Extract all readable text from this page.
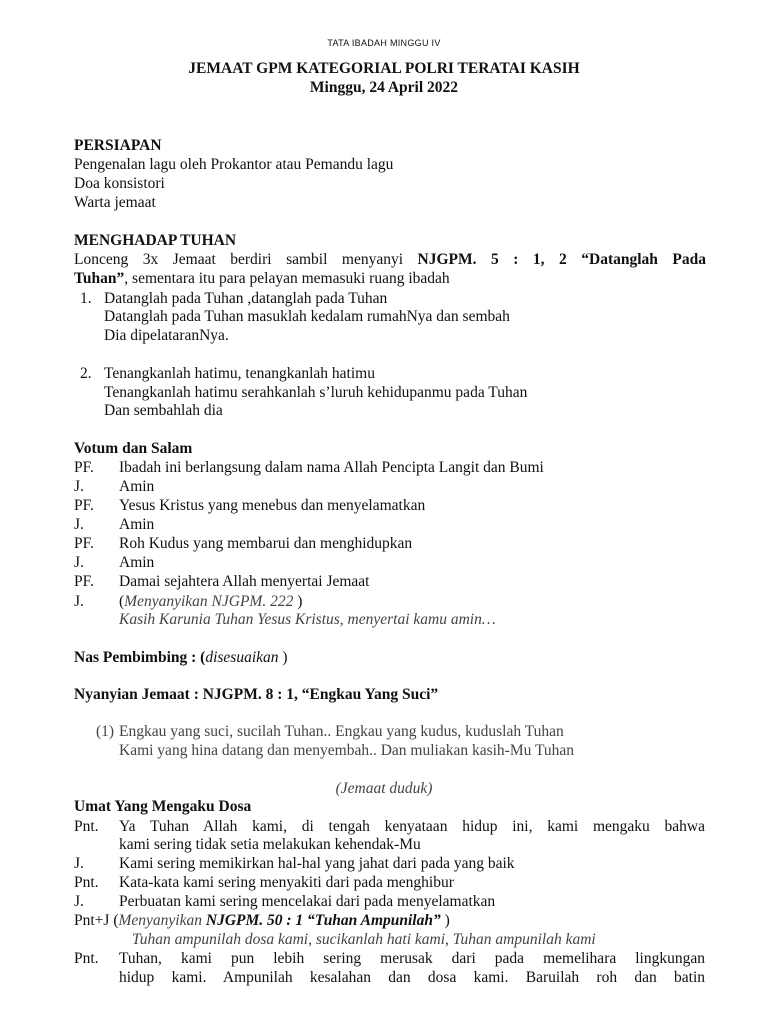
TATA IBADAH MINGGU IV
JEMAAT GPM KATEGORIAL POLRI TERATAI KASIH
Minggu, 24 April 2022
PERSIAPAN
Pengenalan lagu oleh Prokantor atau Pemandu lagu
Doa konsistori
Warta jemaat
MENGHADAP TUHAN
Lonceng 3x Jemaat berdiri sambil menyanyi NJGPM. 5 : 1, 2 “Datanglah Pada
Tuhan”, sementara itu para pelayan memasuki ruang ibadah
1. Datanglah pada Tuhan ,datanglah pada Tuhan
Datanglah pada Tuhan masuklah kedalam rumahNya dan sembah
Dia dipelataranNya.
2. Tenangkanlah hatimu, tenangkanlah hatimu
Tenangkanlah hatimu serahkanlah s’luruh kehidupanmu pada Tuhan
Dan sembahlah dia
Votum dan Salam
PF. Ibadah ini berlangsung dalam nama Allah Pencipta Langit dan Bumi
J. Amin
PF. Yesus Kristus yang menebus dan menyelamatkan
J. Amin
PF. Roh Kudus yang membarui dan menghidupkan
J. Amin
PF. Damai sejahtera Allah menyertai Jemaat
J. (Menyanyikan NJGPM. 222 )
Kasih Karunia Tuhan Yesus Kristus, menyertai kamu amin…
Nas Pembimbing : (disesuaikan )
Nyanyian Jemaat : NJGPM. 8 : 1, “Engkau Yang Suci”
(1) Engkau yang suci, sucilah Tuhan.. Engkau yang kudus, kuduslah Tuhan
Kami yang hina datang dan menyembah.. Dan muliakan kasih-Mu Tuhan
(Jemaat duduk)
Umat Yang Mengaku Dosa
Pnt. Ya Tuhan Allah kami, di tengah kenyataan hidup ini, kami mengaku bahwa
kami sering tidak setia melakukan kehendak-Mu
J. Kami sering memikirkan hal-hal yang jahat dari pada yang baik
Pnt. Kata-kata kami sering menyakiti dari pada menghibur
J. Perbuatan kami sering mencelakai dari pada menyelamatkan
Pnt+J (Menyanyikan NJGPM. 50 : 1 “Tuhan Ampunilah” )
Tuhan ampunilah dosa kami, sucikanlah hati kami, Tuhan ampunilah kami
Pnt. Tuhan, kami pun lebih sering merusak dari pada memelihara lingkungan
hidup kami. Ampunilah kesalahan dan dosa kami. Baruilah roh dan batin
